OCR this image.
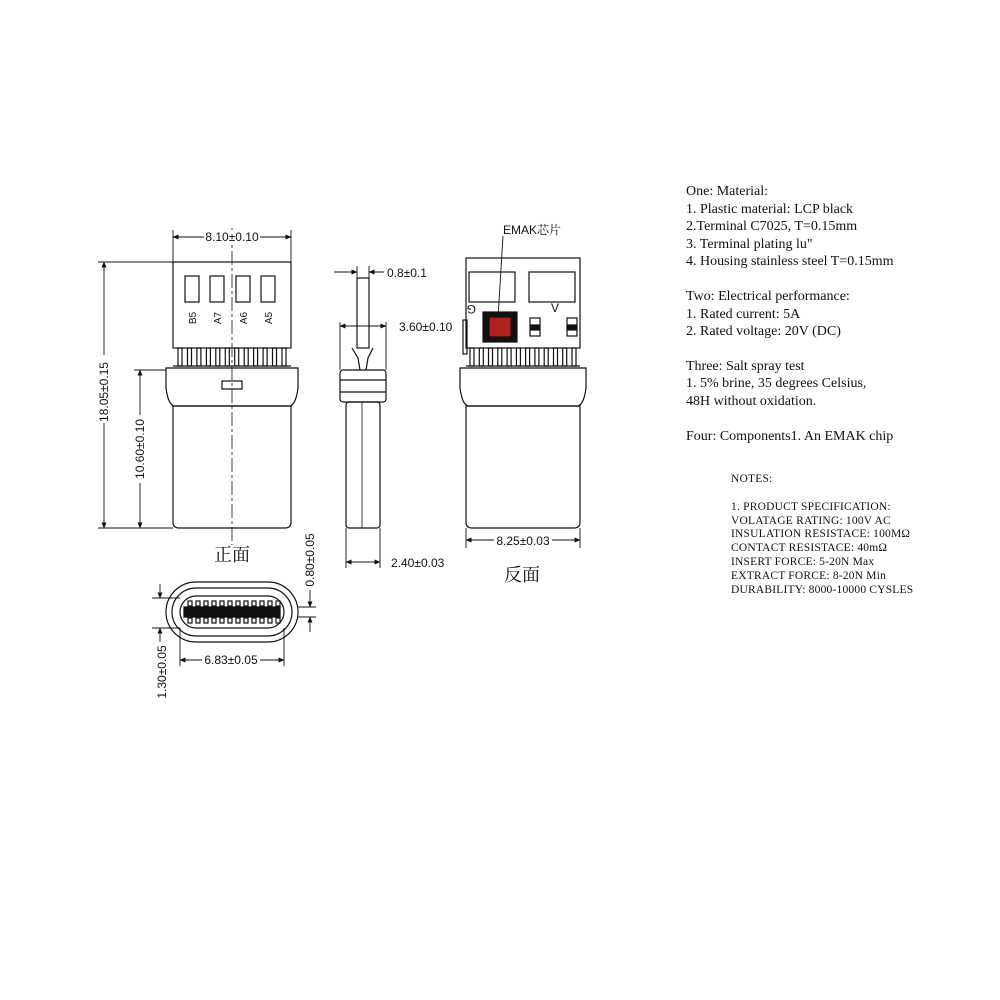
B5 A7 A6 A5
8.10±0.10
18.05±0.15
10.60±0.10
正面
0.8±0.1
3.60±0.10
2.40±0.03
EMAK芯片
G	V
8.25±0.03
反面
0.80±0.05
6.83±0.05
1.30±0.05
One: Material:
1. Plastic material: LCP black
2.Terminal C7025, T=0.15mm
3. Terminal plating lu"
4. Housing stainless steel T=0.15mm
Two: Electrical performance:
1. Rated current: 5A
2. Rated voltage: 20V (DC)
Three: Salt spray test
1. 5% brine, 35 degrees Celsius,
48H without oxidation.
Four: Components1. An EMAK chip
NOTES:
1. PRODUCT SPECIFICATION:
VOLATAGE RATING: 100V AC
INSULATION RESISTACE: 100MΩ
CONTACT RESISTACE: 40mΩ
INSERT FORCE: 5-20N Max
EXTRACT FORCE: 8-20N Min
DURABILITY: 8000-10000 CYSLES
